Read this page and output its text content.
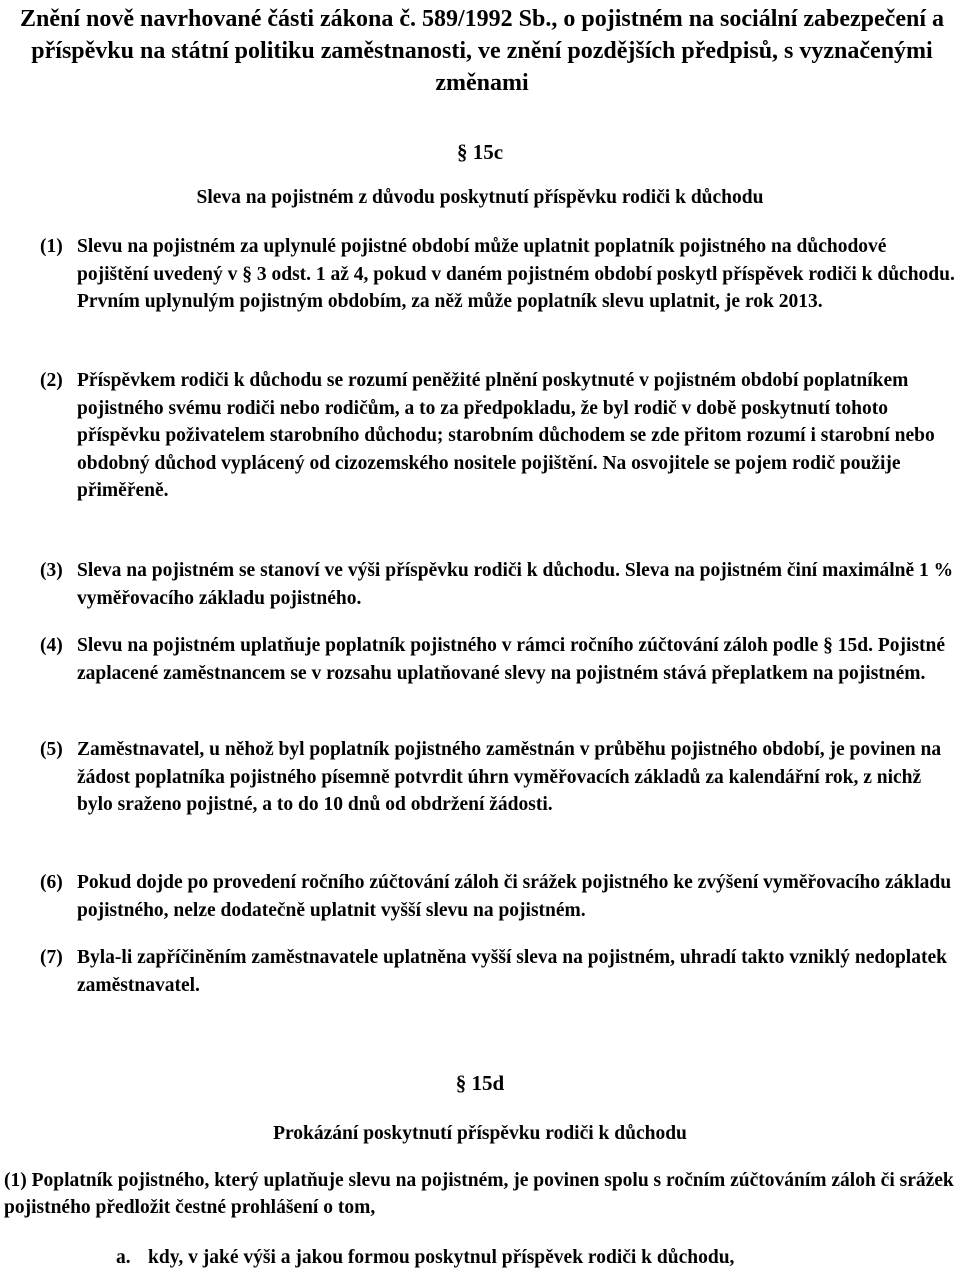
Znění nově navrhované části zákona č. 589/1992 Sb., o pojistném na sociální zabezpečení a příspěvku na státní politiku zaměstnanosti, ve znění pozdějších předpisů, s vyznačenými změnami
§ 15c
Sleva na pojistném z důvodu poskytnutí příspěvku rodiči k důchodu
(1) Slevu na pojistném za uplynulé pojistné období může uplatnit poplatník pojistného na důchodové pojištění uvedený v § 3 odst. 1 až 4, pokud v daném pojistném období poskytl příspěvek rodiči k důchodu. Prvním uplynulým pojistným obdobím, za něž může poplatník slevu uplatnit, je rok 2013.
(2) Příspěvkem rodiči k důchodu se rozumí peněžité plnění poskytnuté v pojistném období poplatníkem pojistného svému rodiči nebo rodičům, a to za předpokladu, že byl rodič v době poskytnutí tohoto příspěvku poživatelem starobního důchodu; starobním důchodem se zde přitom rozumí i starobní nebo obdobný důchod vyplácený od cizozemského nositele pojištění. Na osvojitele se pojem rodič použije přiměřeně.
(3) Sleva na pojistném se stanoví ve výši příspěvku rodiči k důchodu. Sleva na pojistném činí maximálně 1 % vyměřovacího základu pojistného.
(4) Slevu na pojistném uplatňuje poplatník pojistného v rámci ročního zúčtování záloh podle § 15d. Pojistné zaplacené zaměstnancem se v rozsahu uplatňované slevy na pojistném stává přeplatkem na pojistném.
(5) Zaměstnavatel, u něhož byl poplatník pojistného zaměstnán v průběhu pojistného období, je povinen na žádost poplatníka pojistného písemně potvrdit úhrn vyměřovacích základů za kalendářní rok, z nichž bylo sraženo pojistné, a to do 10 dnů od obdržení žádosti.
(6) Pokud dojde po provedení ročního zúčtování záloh či srážek pojistného ke zvýšení vyměřovacího základu pojistného, nelze dodatečně uplatnit vyšší slevu na pojistném.
(7) Byla-li zapříčiněním zaměstnavatele uplatněna vyšší sleva na pojistném, uhradí takto vzniklý nedoplatek zaměstnavatel.
§ 15d
Prokázání poskytnutí příspěvku rodiči k důchodu
(1) Poplatník pojistného, který uplatňuje slevu na pojistném, je povinen spolu s ročním zúčtováním záloh či srážek pojistného předložit čestné prohlášení o tom,
a. kdy, v jaké výši a jakou formou poskytnul příspěvek rodiči k důchodu,
